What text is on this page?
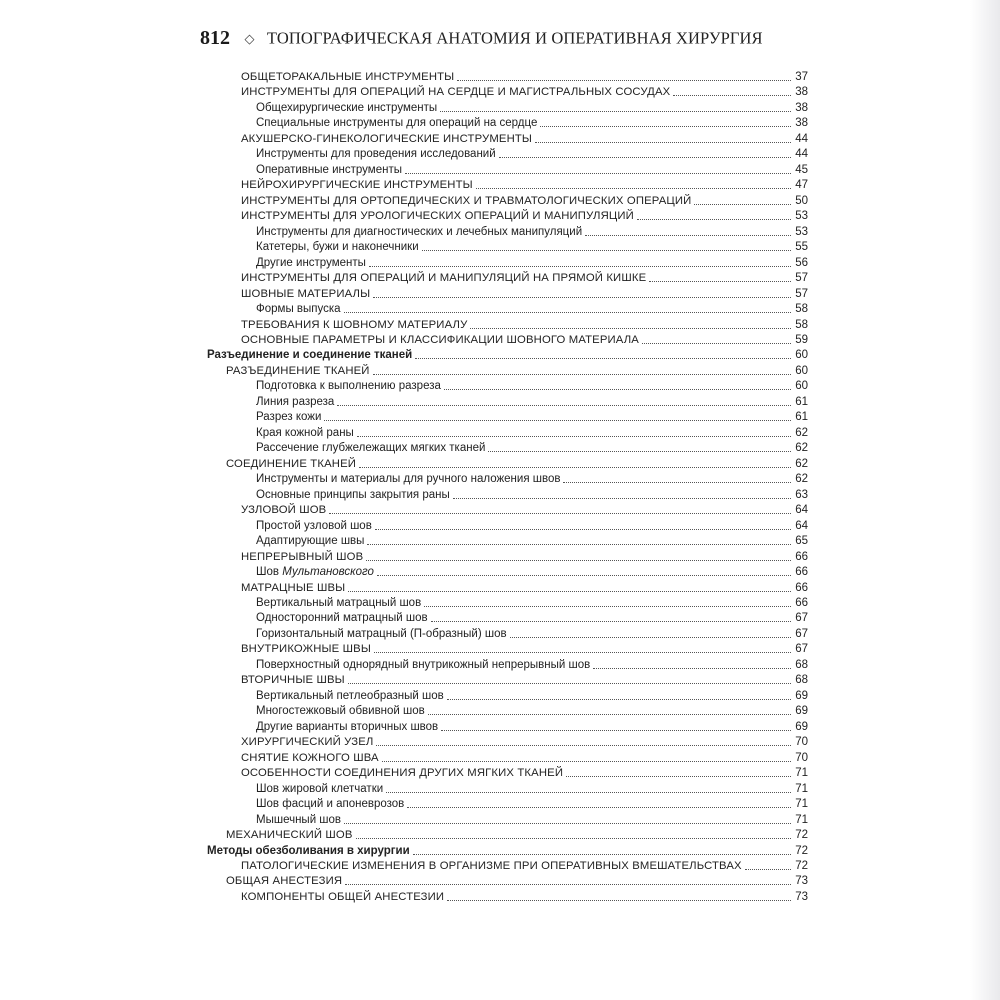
812 ◇ ТОПОГРАФИЧЕСКАЯ АНАТОМИЯ И ОПЕРАТИВНАЯ ХИРУРГИЯ
ОБЩЕТОРАКАЛЬНЫЕ ИНСТРУМЕНТЫ	37
ИНСТРУМЕНТЫ ДЛЯ ОПЕРАЦИЙ НА СЕРДЦЕ И МАГИСТРАЛЬНЫХ СОСУДАХ	38
Общехирургические инструменты	38
Специальные инструменты для операций на сердце	38
АКУШЕРСКО-ГИНЕКОЛОГИЧЕСКИЕ ИНСТРУМЕНТЫ	44
Инструменты для проведения исследований	44
Оперативные инструменты	45
НЕЙРОХИРУРГИЧЕСКИЕ ИНСТРУМЕНТЫ	47
ИНСТРУМЕНТЫ ДЛЯ ОРТОПЕДИЧЕСКИХ И ТРАВМАТОЛОГИЧЕСКИХ ОПЕРАЦИЙ	50
ИНСТРУМЕНТЫ ДЛЯ УРОЛОГИЧЕСКИХ ОПЕРАЦИЙ И МАНИПУЛЯЦИЙ	53
Инструменты для диагностических и лечебных манипуляций	53
Катетеры, бужи и наконечники	55
Другие инструменты	56
ИНСТРУМЕНТЫ ДЛЯ ОПЕРАЦИЙ И МАНИПУЛЯЦИЙ НА ПРЯМОЙ КИШКЕ	57
ШОВНЫЕ МАТЕРИАЛЫ	57
Формы выпуска	58
ТРЕБОВАНИЯ К ШОВНОМУ МАТЕРИАЛУ	58
ОСНОВНЫЕ ПАРАМЕТРЫ И КЛАССИФИКАЦИИ ШОВНОГО МАТЕРИАЛА	59
Разъединение и соединение тканей	60
РАЗЪЕДИНЕНИЕ ТКАНЕЙ	60
Подготовка к выполнению разреза	60
Линия разреза	61
Разрез кожи	61
Края кожной раны	62
Рассечение глубжележащих мягких тканей	62
СОЕДИНЕНИЕ ТКАНЕЙ	62
Инструменты и материалы для ручного наложения швов	62
Основные принципы закрытия раны	63
УЗЛОВОЙ ШОВ	64
Простой узловой шов	64
Адаптирующие швы	65
НЕПРЕРЫВНЫЙ ШОВ	66
Шов Мультановского	66
МАТРАЦНЫЕ ШВЫ	66
Вертикальный матрацный шов	66
Односторонний матрацный шов	67
Горизонтальный матрацный (П-образный) шов	67
ВНУТРИКОЖНЫЕ ШВЫ	67
Поверхностный однорядный внутрикожный непрерывный шов	68
ВТОРИЧНЫЕ ШВЫ	68
Вертикальный петлеобразный шов	69
Многостежковый обвивной шов	69
Другие варианты вторичных швов	69
ХИРУРГИЧЕСКИЙ УЗЕЛ	70
СНЯТИЕ КОЖНОГО ШВА	70
ОСОБЕННОСТИ СОЕДИНЕНИЯ ДРУГИХ МЯГКИХ ТКАНЕЙ	71
Шов жировой клетчатки	71
Шов фасций и апоневрозов	71
Мышечный шов	71
МЕХАНИЧЕСКИЙ ШОВ	72
Методы обезболивания в хирургии	72
ПАТОЛОГИЧЕСКИЕ ИЗМЕНЕНИЯ В ОРГАНИЗМЕ ПРИ ОПЕРАТИВНЫХ ВМЕШАТЕЛЬСТВАХ	72
ОБЩАЯ АНЕСТЕЗИЯ	73
КОМПОНЕНТЫ ОБЩЕЙ АНЕСТЕЗИИ	73
